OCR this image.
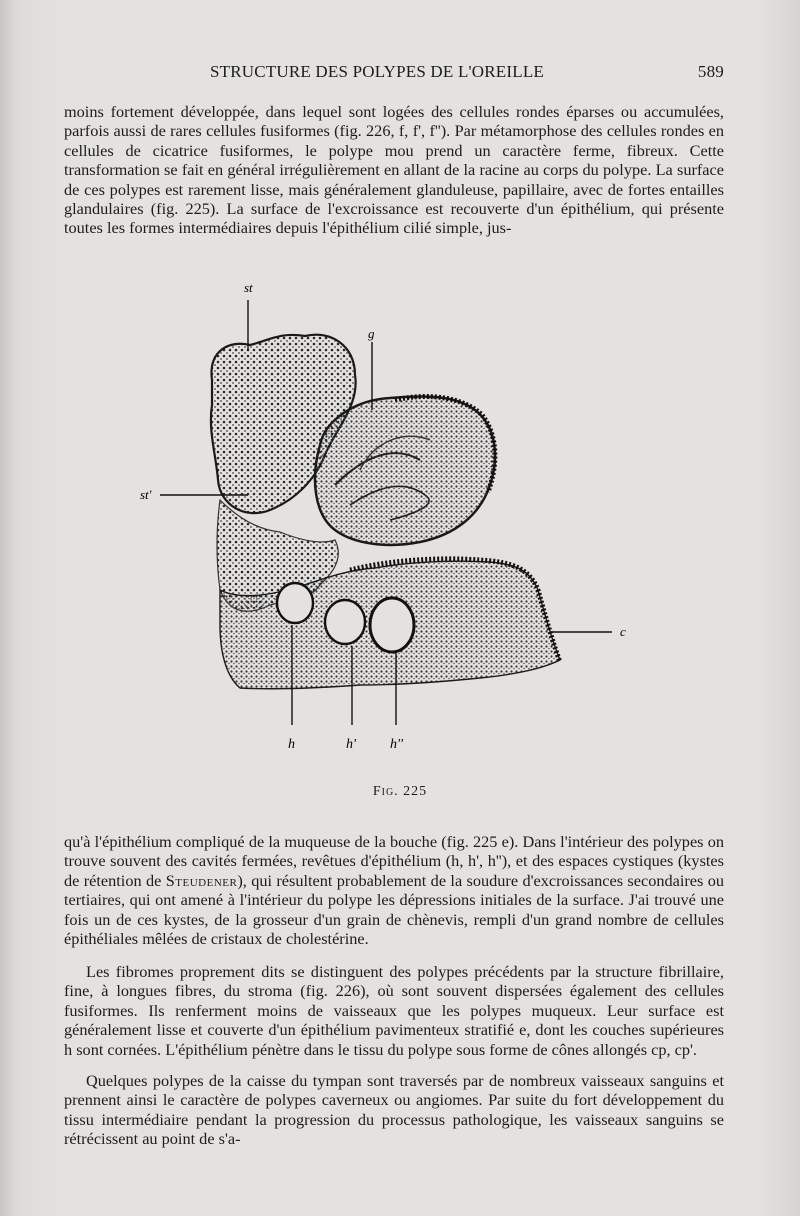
STRUCTURE DES POLYPES DE L'OREILLE	589

moins fortement développée, dans lequel sont logées des cellules rondes éparses ou accumulées, parfois aussi de rares cellules fusiformes (fig. 226, f, f', f''). Par métamorphose des cellules rondes en cellules de cicatrice fusiformes, le polype mou prend un caractère ferme, fibreux. Cette transformation se fait en général irrégulièrement en allant de la racine au corps du polype. La surface de ces polypes est rarement lisse, mais généralement glanduleuse, papillaire, avec de fortes entailles glandulaires (fig. 225). La surface de l'excroissance est recouverte d'un épithélium, qui présente toutes les formes intermédiaires depuis l'épithélium cilié simple, jus-

st
g
st'
c
h	h' h''
Fig. 225

qu'à l'épithélium compliqué de la muqueuse de la bouche (fig. 225 e). Dans l'intérieur des polypes on trouve souvent des cavités fermées, revêtues d'épithélium (h, h', h''), et des espaces cystiques (kystes de rétention de Steudener), qui résultent probablement de la soudure d'excroissances secondaires ou tertiaires, qui ont amené à l'intérieur du polype les dépressions initiales de la surface. J'ai trouvé une fois un de ces kystes, de la grosseur d'un grain de chènevis, rempli d'un grand nombre de cellules épithéliales mêlées de cristaux de cholestérine.

Les fibromes proprement dits se distinguent des polypes précédents par la structure fibrillaire, fine, à longues fibres, du stroma (fig. 226), où sont souvent dispersées également des cellules fusiformes. Ils renferment moins de vaisseaux que les polypes muqueux. Leur surface est généralement lisse et couverte d'un épithélium pavimenteux stratifié e, dont les couches supérieures h sont cornées. L'épithélium pénètre dans le tissu du polype sous forme de cônes allongés cp, cp'.

Quelques polypes de la caisse du tympan sont traversés par de nombreux vaisseaux sanguins et prennent ainsi le caractère de polypes caverneux ou angiomes. Par suite du fort développement du tissu intermédiaire pendant la progression du processus pathologique, les vaisseaux sanguins se rétrécissent au point de s'a-
